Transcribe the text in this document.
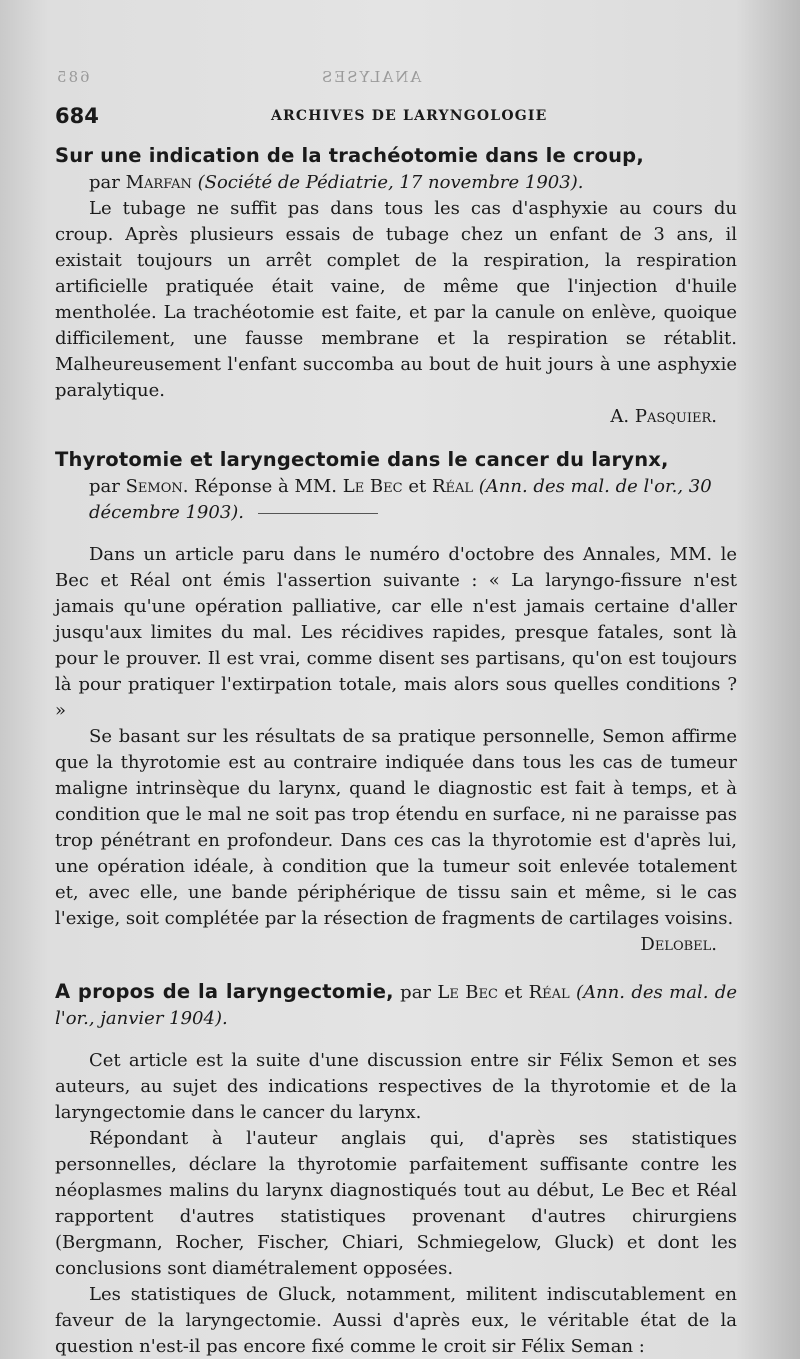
685	ANALYSES
684	ARCHIVES DE LARYNGOLOGIE

Sur une indication de la trachéotomie dans le croup,

par Marfan (Société de Pédiatrie, 17 novembre 1903).

Le tubage ne suffit pas dans tous les cas d'asphyxie au cours du croup. Après plusieurs essais de tubage chez un enfant de 3 ans, il existait toujours un arrêt complet de la respiration, la respiration artificielle pratiquée était vaine, de même que l'injection d'huile mentholée. La trachéotomie est faite, et par la canule on enlève, quoique difficilement, une fausse membrane et la respiration se rétablit. Malheureusement l'enfant succomba au bout de huit jours à une asphyxie paralytique.

A. Pasquier.

Thyrotomie et laryngectomie dans le cancer du larynx,

par Semon. Réponse à MM. Le Bec et Réal (Ann. des mal. de l'or., 30 décembre 1903).

Dans un article paru dans le numéro d'octobre des Annales, MM. le Bec et Réal ont émis l'assertion suivante : « La laryngo-fissure n'est jamais qu'une opération palliative, car elle n'est jamais certaine d'aller jusqu'aux limites du mal. Les récidives rapides, presque fatales, sont là pour le prouver. Il est vrai, comme disent ses partisans, qu'on est toujours là pour pratiquer l'extirpation totale, mais alors sous quelles conditions ? »

Se basant sur les résultats de sa pratique personnelle, Semon affirme que la thyrotomie est au contraire indiquée dans tous les cas de tumeur maligne intrinsèque du larynx, quand le diagnostic est fait à temps, et à condition que le mal ne soit pas trop étendu en surface, ni ne paraisse pas trop pénétrant en profondeur. Dans ces cas la thyrotomie est d'après lui, une opération idéale, à condition que la tumeur soit enlevée totalement et, avec elle, une bande périphérique de tissu sain et même, si le cas l'exige, soit complétée par la résection de fragments de cartilages voisins.

Delobel.

A propos de la laryngectomie, par Le Bec et Réal (Ann. des mal. de l'or., janvier 1904).

Cet article est la suite d'une discussion entre sir Félix Semon et ses auteurs, au sujet des indications respectives de la thyrotomie et de la laryngectomie dans le cancer du larynx.

Répondant à l'auteur anglais qui, d'après ses statistiques personnelles, déclare la thyrotomie parfaitement suffisante contre les néoplasmes malins du larynx diagnostiqués tout au début, Le Bec et Réal rapportent d'autres statistiques provenant d'autres chirurgiens (Bergmann, Rocher, Fischer, Chiari, Schmiegelow, Gluck) et dont les conclusions sont diamétralement opposées.

Les statistiques de Gluck, notamment, militent indiscutablement en faveur de la laryngectomie. Aussi d'après eux, le véritable état de la question n'est-il pas encore fixé comme le croit sir Félix Seman :
